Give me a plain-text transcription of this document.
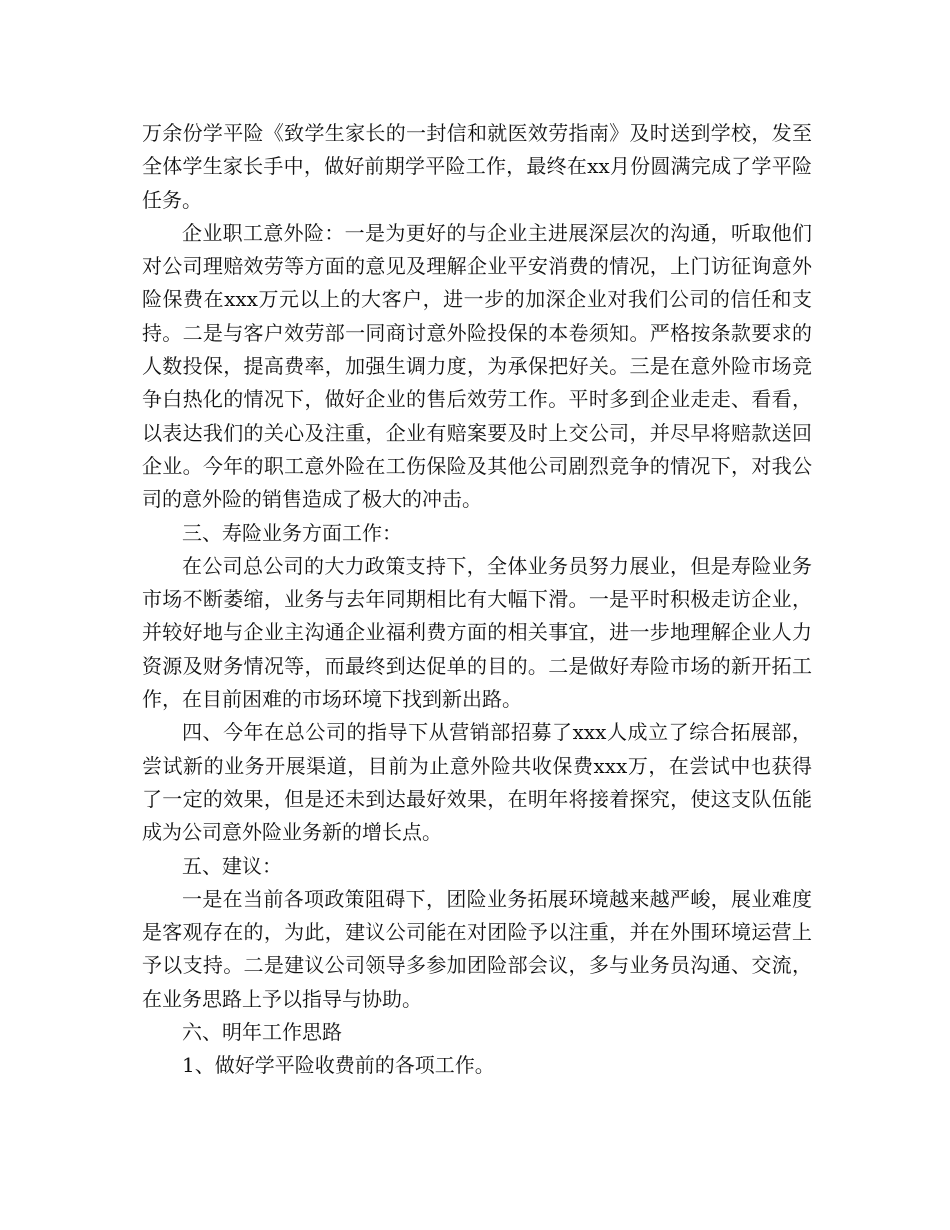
万余份学平险《致学生家长的一封信和就医效劳指南》及时送到学校，发至全体学生家长手中，做好前期学平险工作，最终在xx月份圆满完成了学平险任务。

企业职工意外险：一是为更好的与企业主进展深层次的沟通，听取他们对公司理赔效劳等方面的意见及理解企业平安消费的情况，上门访征询意外险保费在xxx万元以上的大客户，进一步的加深企业对我们公司的信任和支持。二是与客户效劳部一同商讨意外险投保的本卷须知。严格按条款要求的人数投保，提高费率，加强生调力度，为承保把好关。三是在意外险市场竞争白热化的情况下，做好企业的售后效劳工作。平时多到企业走走、看看，以表达我们的关心及注重，企业有赔案要及时上交公司，并尽早将赔款送回企业。今年的职工意外险在工伤保险及其他公司剧烈竞争的情况下，对我公司的意外险的销售造成了极大的冲击。

三、寿险业务方面工作：

在公司总公司的大力政策支持下，全体业务员努力展业，但是寿险业务市场不断萎缩，业务与去年同期相比有大幅下滑。一是平时积极走访企业，并较好地与企业主沟通企业福利费方面的相关事宜，进一步地理解企业人力资源及财务情况等，而最终到达促单的目的。二是做好寿险市场的新开拓工作，在目前困难的市场环境下找到新出路。

四、今年在总公司的指导下从营销部招募了xxx人成立了综合拓展部，尝试新的业务开展渠道，目前为止意外险共收保费xxx万，在尝试中也获得了一定的效果，但是还未到达最好效果，在明年将接着探究，使这支队伍能成为公司意外险业务新的增长点。

五、建议：

一是在当前各项政策阻碍下，团险业务拓展环境越来越严峻，展业难度是客观存在的，为此，建议公司能在对团险予以注重，并在外围环境运营上予以支持。二是建议公司领导多参加团险部会议，多与业务员沟通、交流，在业务思路上予以指导与协助。

六、明年工作思路

1、做好学平险收费前的各项工作。
